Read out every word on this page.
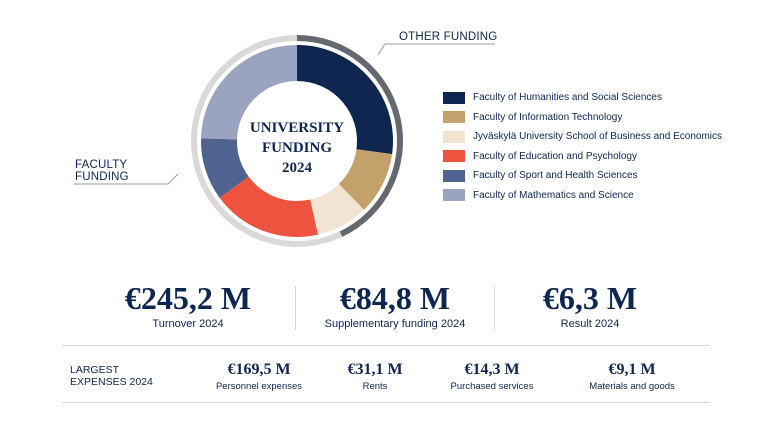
UNIVERSITY
FUNDING
2024
OTHER FUNDING
FACULTY
FUNDING
Faculty of Humanities and Social Sciences
Faculty of Information Technology
Jyväskylä University School of Business and Economics
Faculty of Education and Psychology
Faculty of Sport and Health Sciences
Faculty of Mathematics and Science
€245,2 M
Turnover 2024
€84,8 M
Supplementary funding 2024
€6,3 M
Result 2024
LARGEST
EXPENSES 2024
€169,5 M
Personnel expenses
€31,1 M
Rents
€14,3 M
Purchased services
€9,1 M
Materials and goods
